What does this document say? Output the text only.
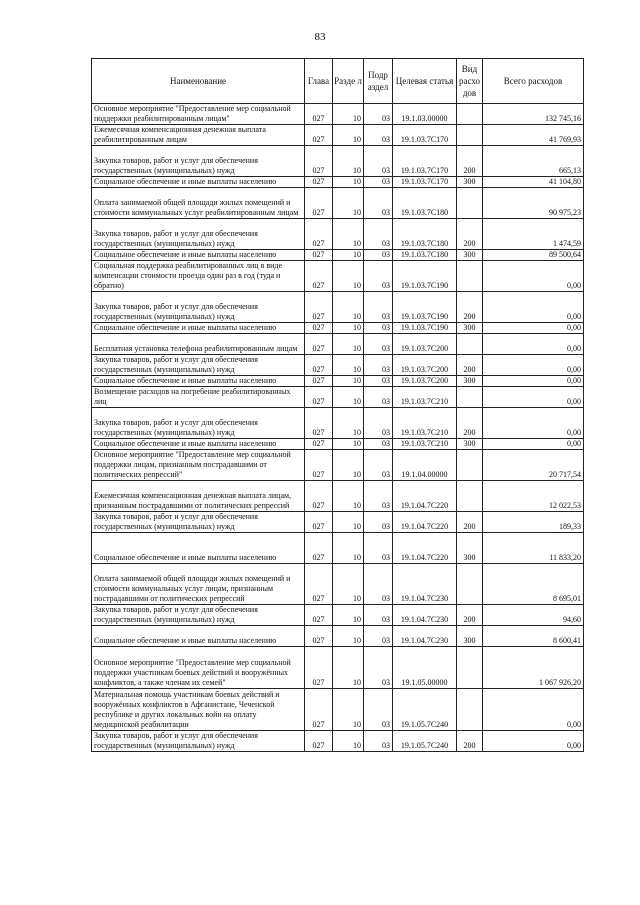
83
Наименование	Глава	Разде л	Подр аздел	Целевая статья	Вид расхо дов	Всего расходов
Основное мероприятие "Предоставление мер социальной поддержки реабилитированным лицам"	027	10	03	19.1.03.00000		132 745,16
Ежемесячная компенсационная денежная выплата реабилитированным лицам	027	10	03	19.1.03.7С170		41 769,93
Закупка товаров, работ и услуг для обеспечения государственных (муниципальных) нужд	027	10	03	19.1.03.7С170	200	665,13
Социальное обеспечение и иные выплаты населению	027	10	03	19.1.03.7С170	300	41 104,80
Оплата занимаемой общей площади жилых помещений и стоимости коммунальных услуг реабилитированным лицам	027	10	03	19.1.03.7С180		90 975,23
Закупка товаров, работ и услуг для обеспечения государственных (муниципальных) нужд	027	10	03	19.1.03.7С180	200	1 474,59
Социальное обеспечение и иные выплаты населению	027	10	03	19.1.03.7С180	300	89 500,64
Социальная поддержка реабилитированных лиц в виде компенсации стоимости проезда один раз в год (туда и обратно)	027	10	03	19.1.03.7С190		0,00
Закупка товаров, работ и услуг для обеспечения государственных (муниципальных) нужд	027	10	03	19.1.03.7С190	200	0,00
Социальное обеспечение и иные выплаты населению	027	10	03	19.1.03.7С190	300	0,00
Бесплатная установка телефона реабилитированным лицам	027	10	03	19.1.03.7С200		0,00
Закупка товаров, работ и услуг для обеспечения государственных (муниципальных) нужд	027	10	03	19.1.03.7С200	200	0,00
Социальное обеспечение и иные выплаты населению	027	10	03	19.1.03.7С200	300	0,00
Возмещение расходов на погребение реабилитированных лиц	027	10	03	19.1.03.7С210		0,00
Закупка товаров, работ и услуг для обеспечения государственных (муниципальных) нужд	027	10	03	19.1.03.7С210	200	0,00
Социальное обеспечение и иные выплаты населению	027	10	03	19.1.03.7С210	300	0,00
Основное мероприятие "Предоставление мер социальной поддержки лицам, признанным пострадавшими от политических репрессий"	027	10	03	19.1.04.00000		20 717,54
Ежемесячная компенсационная денежная выплата лицам, признанным пострадавшими от политических репрессий	027	10	03	19.1.04.7С220		12 022,53
Закупка товаров, работ и услуг для обеспечения государственных (муниципальных) нужд	027	10	03	19.1.04.7С220	200	189,33
Социальное обеспечение и иные выплаты населению	027	10	03	19.1.04.7С220	300	11 833,20
Оплата занимаемой общей площади жилых помещений и стоимости коммунальных услуг лицам, признанным пострадавшими от политических репрессий	027	10	03	19.1.04.7С230		8 695,01
Закупка товаров, работ и услуг для обеспечения государственных (муниципальных) нужд	027	10	03	19.1.04.7С230	200	94,60
Социальное обеспечение и иные выплаты населению	027	10	03	19.1.04.7С230	300	8 600,41
Основное мероприятие "Предоставление мер социальной поддержки участникам боевых действий и вооружённых конфликтов, а также членам их семей"	027	10	03	19.1.05.00000		1 067 926,20
Материальная помощь участникам боевых действий и вооружённых конфликтов в Афганистане, Чеченской республике и других локальных войн на оплату медицинской реабилитации	027	10	03	19.1.05.7С240		0,00
Закупка товаров, работ и услуг для обеспечения государственных (муниципальных) нужд	027	10	03	19.1.05.7С240	200	0,00
